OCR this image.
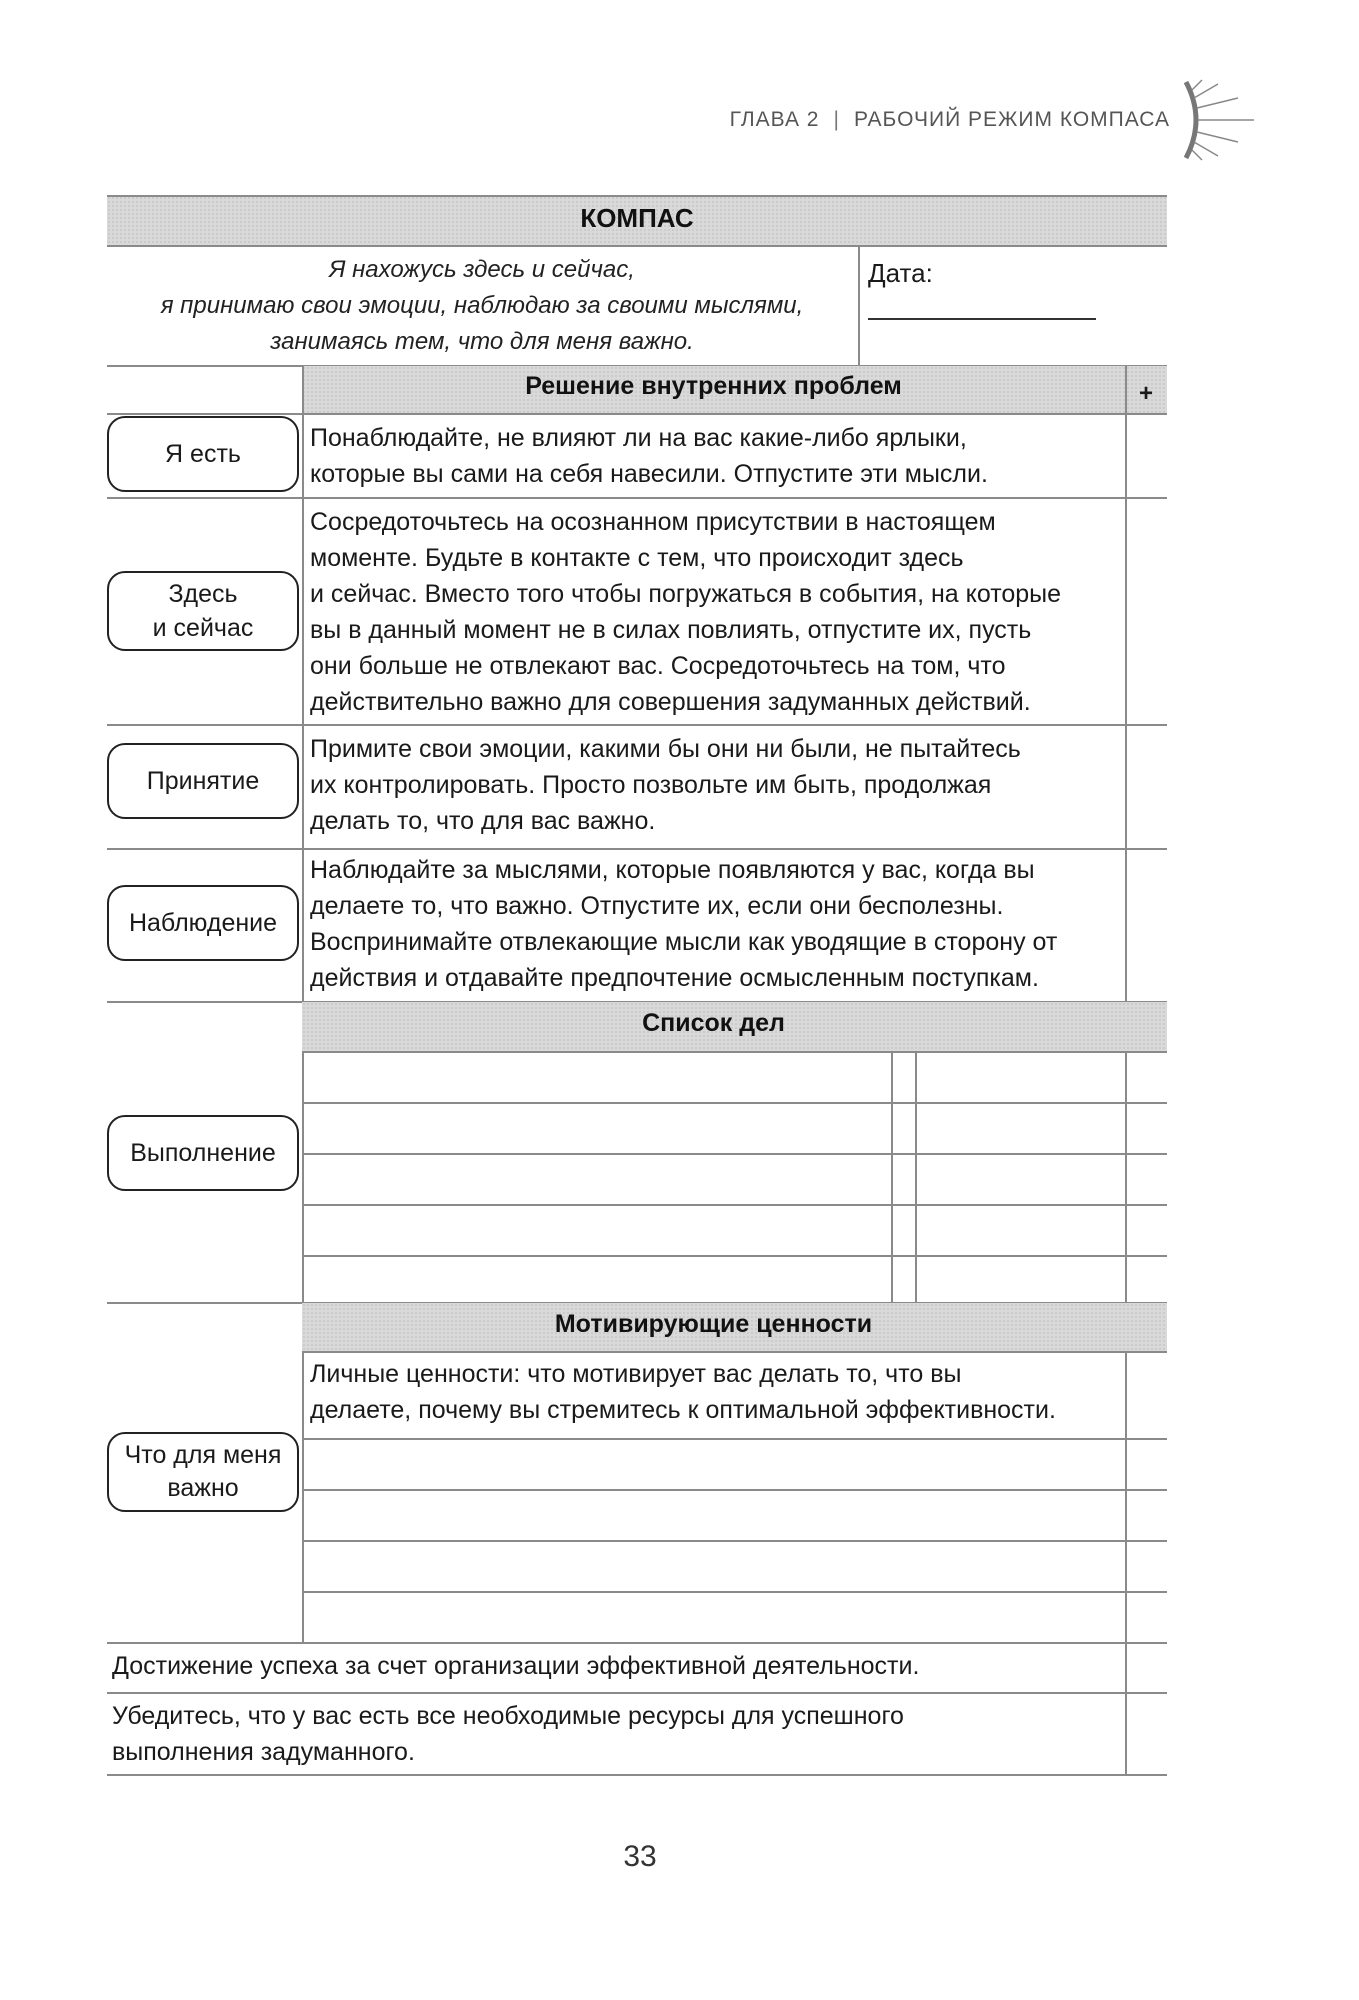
ГЛАВА 2 | РАБОЧИЙ РЕЖИМ КОМПАСА
КОМПАС
Я нахожусь здесь и сейчас,
я принимаю свои эмоции, наблюдаю за своими мыслями,
занимаясь тем, что для меня важно.
Дата:
Решение внутренних проблем	+
Я есть
Понаблюдайте, не влияют ли на вас какие-либо ярлыки,
которые вы сами на себя навесили. Отпустите эти мысли.
Здесь
и сейчас
Сосредоточьтесь на осознанном присутствии в настоящем
моменте. Будьте в контакте с тем, что происходит здесь
и сейчас. Вместо того чтобы погружаться в события, на которые
вы в данный момент не в силах повлиять, отпустите их, пусть
они больше не отвлекают вас. Сосредоточьтесь на том, что
действительно важно для совершения задуманных действий.
Принятие
Примите свои эмоции, какими бы они ни были, не пытайтесь
их контролировать. Просто позвольте им быть, продолжая
делать то, что для вас важно.
Наблюдение
Наблюдайте за мыслями, которые появляются у вас, когда вы
делаете то, что важно. Отпустите их, если они бесполезны.
Воспринимайте отвлекающие мысли как уводящие в сторону от
действия и отдавайте предпочтение осмысленным поступкам.
Список дел
Выполнение
Мотивирующие ценности
Личные ценности: что мотивирует вас делать то, что вы
делаете, почему вы стремитесь к оптимальной эффективности.
Что для меня
важно
Достижение успеха за счет организации эффективной деятельности.
Убедитесь, что у вас есть все необходимые ресурсы для успешного выполнения задуманного.
33
